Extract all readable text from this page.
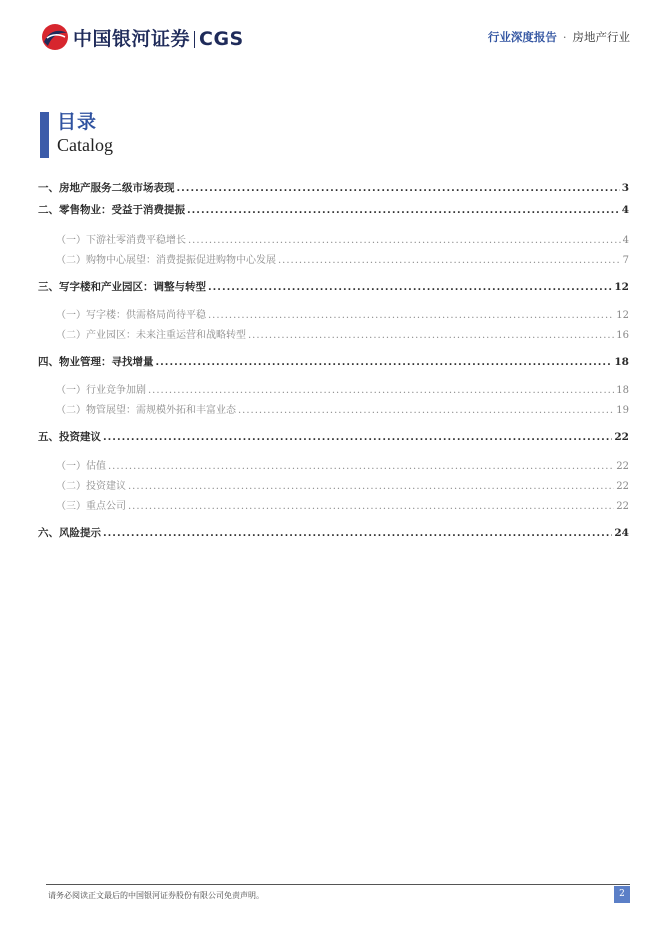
中国银河证券 CGS	行业深度报告 · 房地产行业
目录
Catalog
一、 房地产服务二级市场表现 .....	3
二、 零售物业：受益于消费提振 .....	4
（一） 下游社零消费平稳增长 .....	4
（二） 购物中心展望：消费提振促进购物中心发展 .....	7
三、 写字楼和产业园区：调整与转型 .....	12
（一） 写字楼：供需格局尚待平稳 .....	12
（二） 产业园区：未来注重运营和战略转型 .....	16
四、 物业管理：寻找增量 .....	18
（一） 行业竞争加剧 .....	18
（二） 物管展望：需规模外拓和丰富业态 .....	19
五、 投资建议 .....	22
（一） 估值 .....	22
（二） 投资建议 .....	22
（三） 重点公司 .....	22
六、 风险提示 .....	24
请务必阅读正文最后的中国银河证券股份有限公司免责声明。	2
